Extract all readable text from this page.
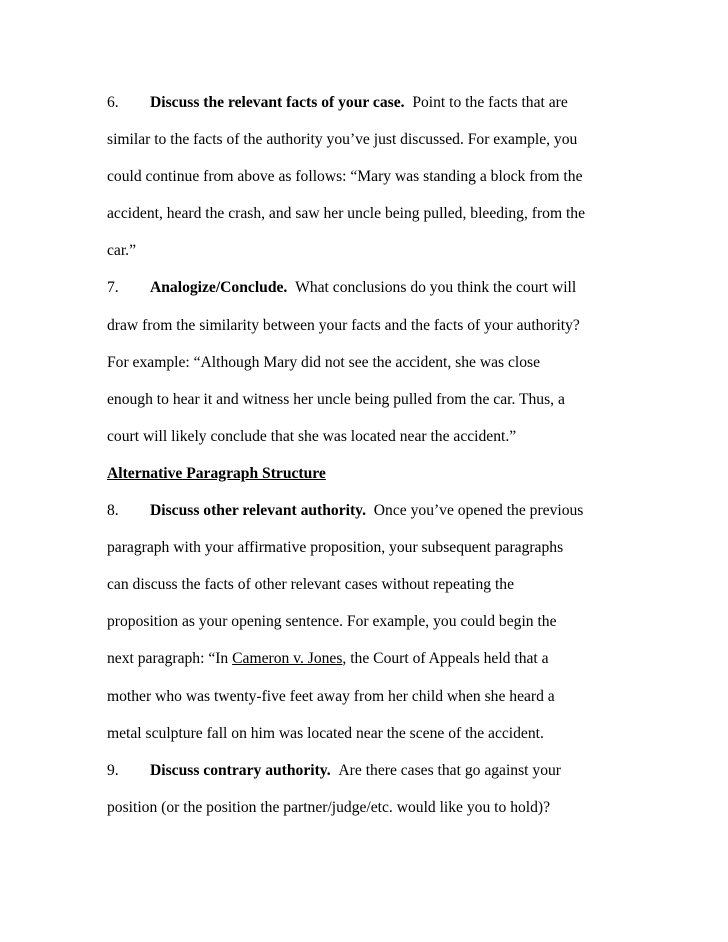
6. Discuss the relevant facts of your case. Point to the facts that are
similar to the facts of the authority you’ve just discussed. For example, you
could continue from above as follows: “Mary was standing a block from the
accident, heard the crash, and saw her uncle being pulled, bleeding, from the
car.”
7. Analogize/Conclude. What conclusions do you think the court will
draw from the similarity between your facts and the facts of your authority?
For example: “Although Mary did not see the accident, she was close
enough to hear it and witness her uncle being pulled from the car. Thus, a
court will likely conclude that she was located near the accident.”
Alternative Paragraph Structure
8. Discuss other relevant authority. Once you’ve opened the previous
paragraph with your affirmative proposition, your subsequent paragraphs
can discuss the facts of other relevant cases without repeating the
proposition as your opening sentence. For example, you could begin the
next paragraph: “In Cameron v. Jones, the Court of Appeals held that a
mother who was twenty-five feet away from her child when she heard a
metal sculpture fall on him was located near the scene of the accident.
9. Discuss contrary authority. Are there cases that go against your
position (or the position the partner/judge/etc. would like you to hold)?
